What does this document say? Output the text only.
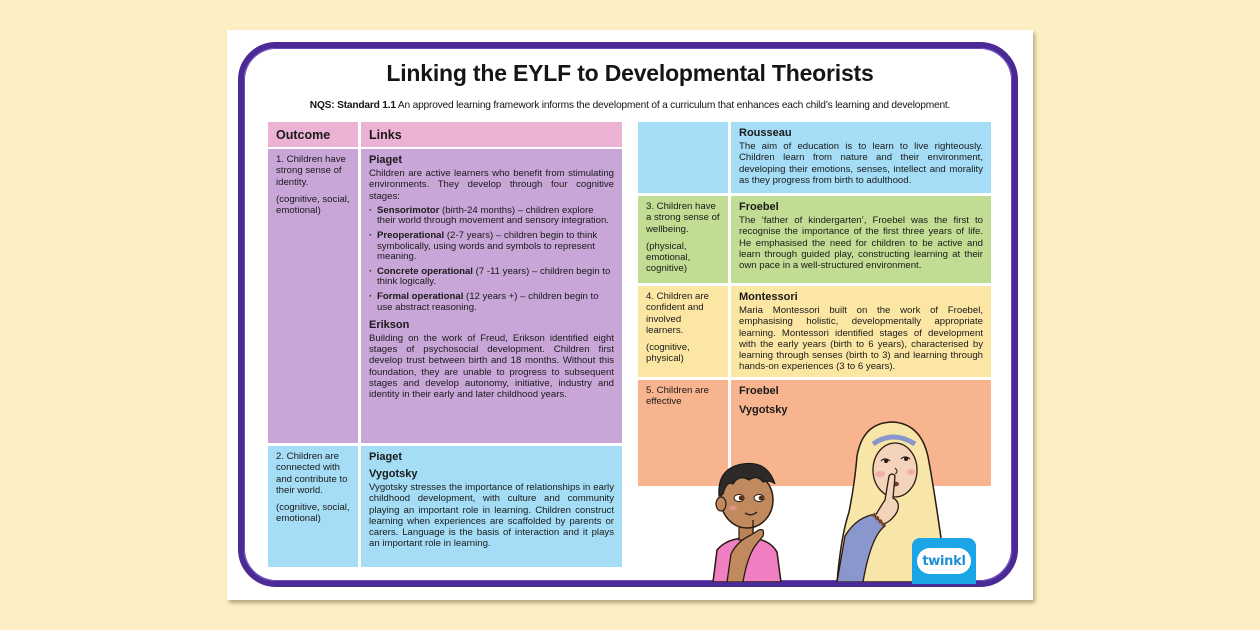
Linking the EYLF to Developmental Theorists
NQS: Standard 1.1 An approved learning framework informs the development of a curriculum that enhances each child’s learning and development.
Outcome	Links

1. Children have strong sense of identity.

(cognitive, social, emotional)

Piaget
Children are active learners who benefit from stimulating environments. They develop through four cognitive stages:
· Sensorimotor (birth-24 months) – children explore their world through movement and sensory integration.
· Preoperational (2-7 years) – children begin to think symbolically, using words and symbols to represent meaning.
· Concrete operational (7 -11 years) – children begin to think logically.
· Formal operational (12 years +) – children begin to use abstract reasoning.
Erikson
Building on the work of Freud, Erikson identified eight stages of psychosocial development. Children first develop trust between birth and 18 months. Without this foundation, they are unable to progress to subsequent stages and develop autonomy, initiative, industry and identity in their early and later childhood years.

2. Children are connected with and contribute to their world.

(cognitive, social, emotional)

Piaget
Vygotsky
Vygotsky stresses the importance of relationships in early childhood development, with culture and community playing an important role in learning. Children construct learning when experiences are scaffolded by parents or carers. Language is the basis of interaction and it plays an important role in learning.
Rousseau
The aim of education is to learn to live righteously. Children learn from nature and their environment, developing their emotions, senses, intellect and morality as they progress from birth to adulthood.

3. Children have a strong sense of wellbeing.

(physical, emotional, cognitive)

Froebel
The ‘father of kindergarten’, Froebel was the first to recognise the importance of the first three years of life. He emphasised the need for children to be active and learn through guided play, constructing learning at their own pace in a well-structured environment.

4. Children are confident and involved learners.

(cognitive, physical)

Montessori
Maria Montessori built on the work of Froebel, emphasising holistic, developmentally appropriate learning. Montessori identified stages of development with the early years (birth to 6 years), characterised by learning through senses (birth to 3) and learning through hands-on experiences (3 to 6 years).

5. Children are effective

Froebel
Vygotsky
twinkl
